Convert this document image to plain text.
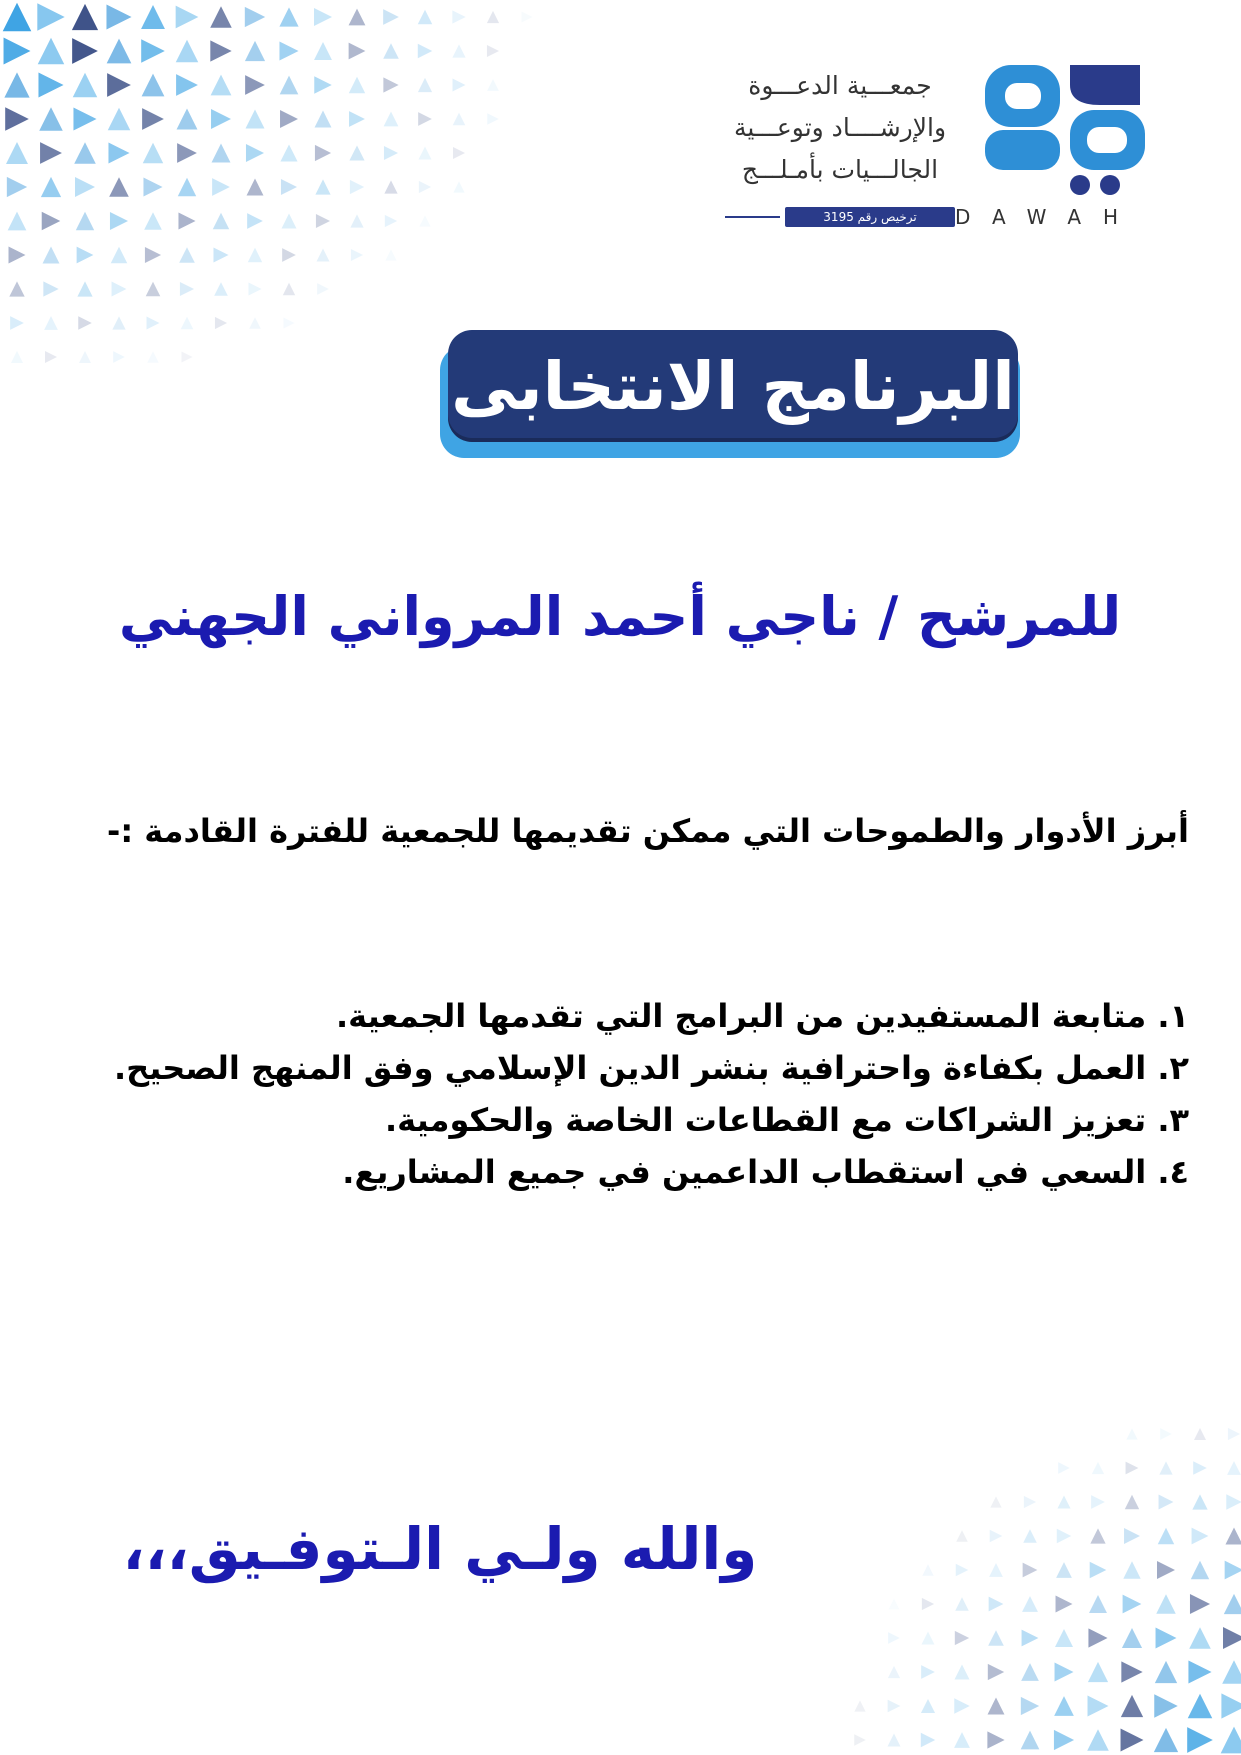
جمعـــية الدعـــوة
والإرشــــاد وتوعـــية
الجالـــيات بأمـلـــج
ترخيص رقم 3195	DAWAH
البرنامج الانتخابى
للمرشح / ناجي أحمد المرواني الجهني
أبرز الأدوار والطموحات التي ممكن تقديمها للجمعية للفترة القادمة :-
١. متابعة المستفيدين من البرامج التي تقدمها الجمعية.
٢. العمل بكفاءة واحترافية بنشر الدين الإسلامي وفق المنهج الصحيح.
٣. تعزيز الشراكات مع القطاعات الخاصة والحكومية.
٤. السعي في استقطاب الداعمين في جميع المشاريع.
والله ولـي الـتوفـيق،،،
